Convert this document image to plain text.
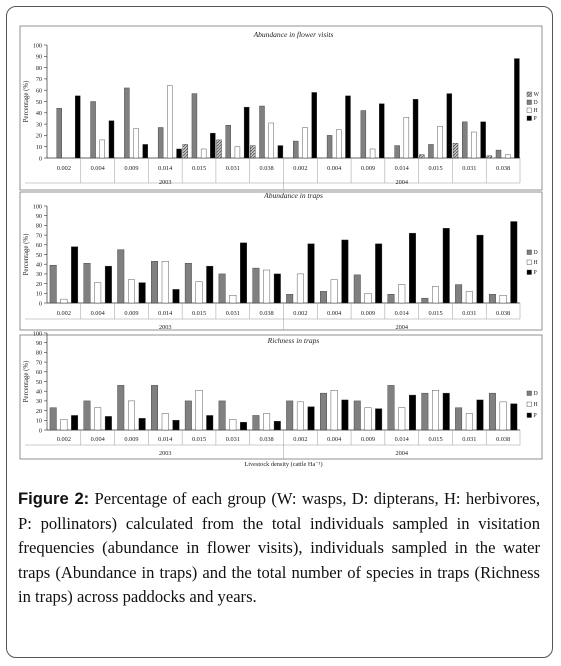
Abundance in flower visits
0
10
20
30
40
50
60
70
80
90
100
Percentage (%)
0.002	0.004	0.009	0.014	0.015	0.031	0.038	0.002	0.004	0.009	0.014	0.015	0.031	0.038
2003	2004
W
D
H
P
Abundance in traps
0
10
20
30
40
50
60
70
80
90
100
Percentage (%)
0.002	0.004	0.009	0.014	0.015	0.031	0.038	0.002	0.004	0.009	0.014	0.015	0.031	0.038
2003	2004
D
H
P
Richness in traps
0
10
20
30
40
50
60
70
80
90
100
Percentage (%)
0.002	0.004	0.009	0.014	0.015	0.031	0.038	0.002	0.004	0.009	0.014	0.015	0.031	0.038
2003	2004
Livestock density (cattle Ha⁻¹)
D
H
P
Figure 2: Percentage of each group (W: wasps, D: dipterans, H: herbivores, P: pollinators) calculated from the total individuals sampled in visitation frequencies (abundance in flower visits), individuals sampled in the water traps (Abundance in traps) and the total number of species in traps (Richness in traps) across paddocks and years.
